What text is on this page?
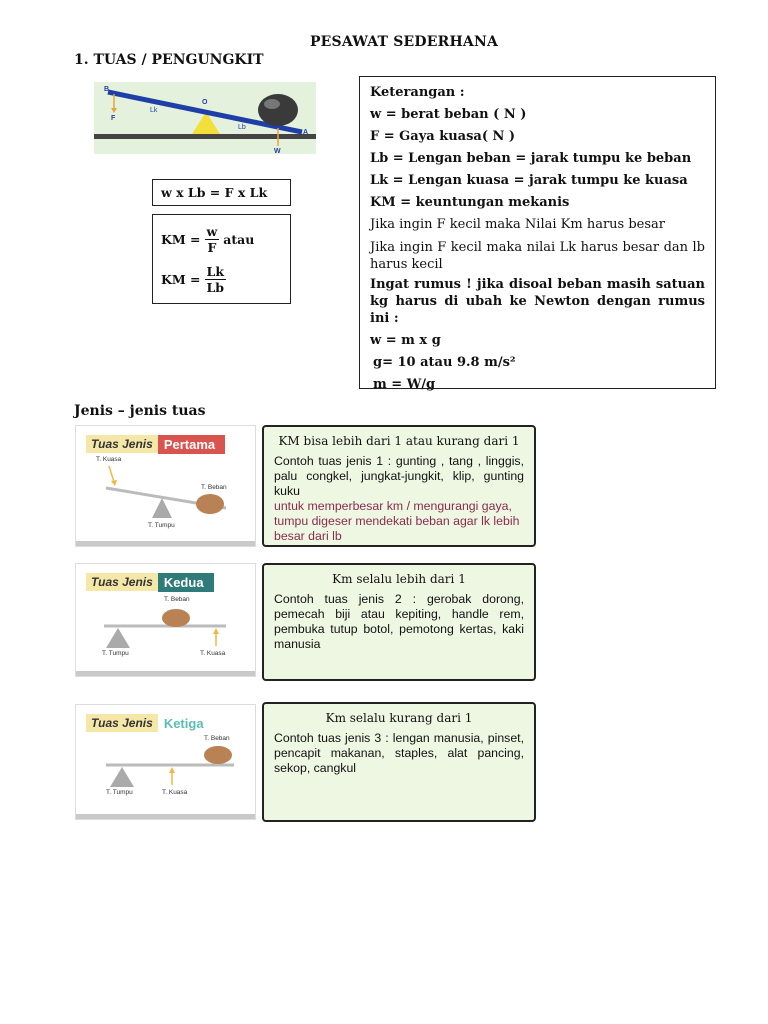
PESAWAT SEDERHANA
1. TUAS / PENGUNGKIT
B
F
Lk
O
Lb
A
W
w x Lb = F x Lk
KM = $\frac{w}{F}$ atau
KM = $\frac{Lk}{Lb}$
Keterangan :
w = berat beban ( N )
F = Gaya kuasa( N )
Lb = Lengan beban = jarak tumpu ke beban
Lk = Lengan kuasa = jarak tumpu ke kuasa
KM = keuntungan mekanis
Jika ingin F kecil maka Nilai Km harus besar
Jika ingin F kecil maka nilai Lk harus besar dan lb harus kecil
Ingat rumus ! jika disoal beban masih satuan kg harus di ubah ke Newton dengan rumus ini :
w = m x g
g= 10 atau 9.8 m/s²
m = W/g
Jenis – jenis tuas
Tuas Jenis Pertama
T. Kuasa
T. Beban
T. Tumpu
KM bisa lebih dari 1 atau kurang dari 1
Contoh tuas jenis 1 : gunting , tang , linggis, palu congkel, jungkat-jungkit, klip, gunting kuku
untuk memperbesar km / mengurangi gaya, tumpu digeser mendekati beban agar lk lebih besar dari lb
Tuas Jenis Kedua
T. Beban
T. Tumpu	T. Kuasa
Km selalu lebih dari 1
Contoh tuas jenis 2 : gerobak dorong, pemecah biji atau kepiting, handle rem, pembuka tutup botol, pemotong kertas, kaki manusia
Tuas Jenis Ketiga
T. Beban
T. Tumpu	T. Kuasa
Km selalu kurang dari 1
Contoh tuas jenis 3 : lengan manusia, pinset, pencapit makanan, staples, alat pancing, sekop, cangkul
